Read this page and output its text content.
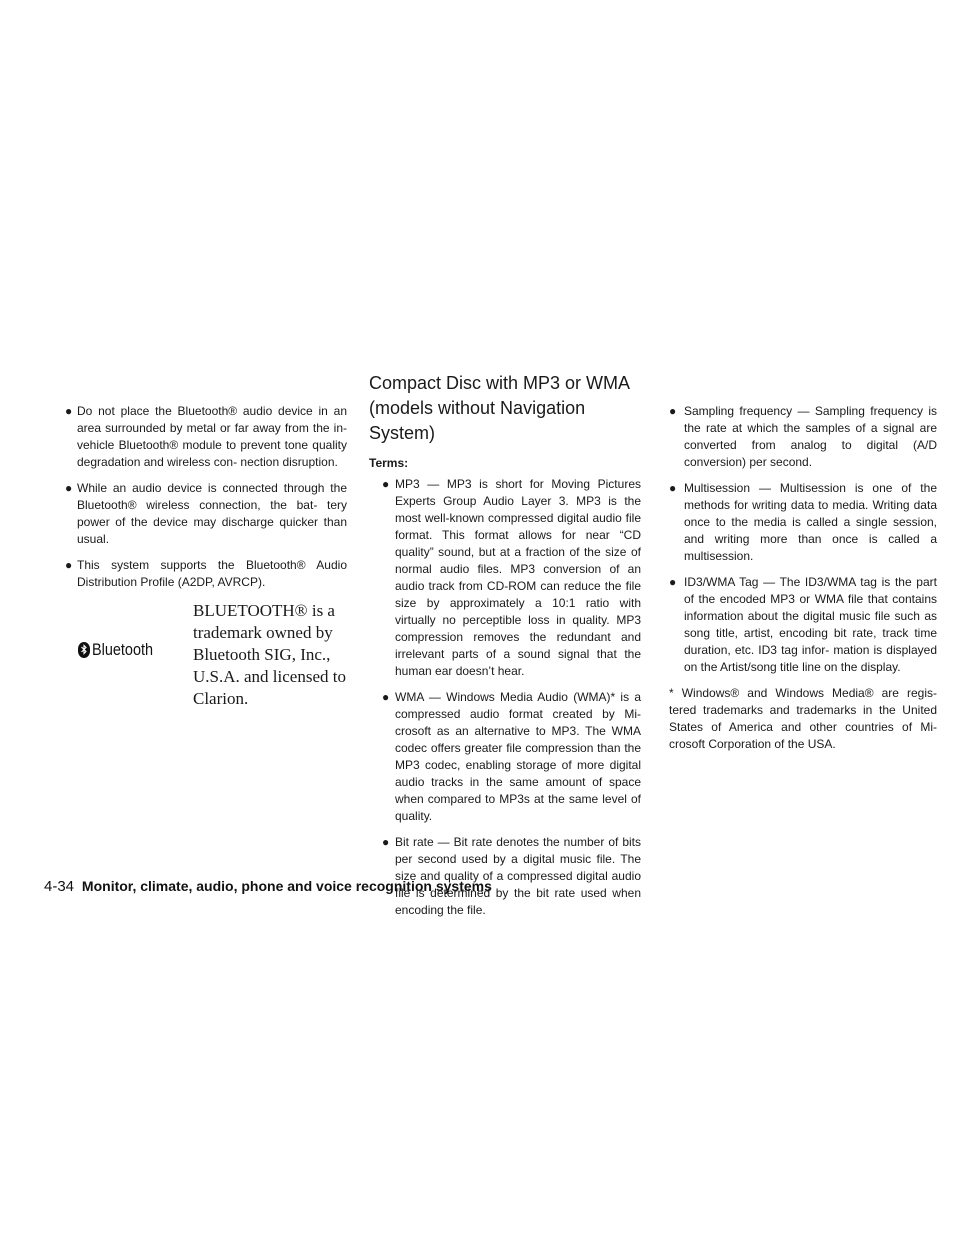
● Do not place the Bluetooth® audio device in an area surrounded by metal or far away from the in-vehicle Bluetooth® module to prevent tone quality degradation and wireless con- nection disruption.
● While an audio device is connected through the Bluetooth® wireless connection, the bat- tery power of the device may discharge quicker than usual.
● This system supports the Bluetooth® Audio Distribution Profile (A2DP, AVRCP).
Bluetooth
BLUETOOTH® is a trademark owned by Bluetooth SIG, Inc., U.S.A. and licensed to Clarion.
Compact Disc with MP3 or WMA (models without Navigation System)
Terms:
● MP3 — MP3 is short for Moving Pictures Experts Group Audio Layer 3. MP3 is the most well-known compressed digital audio file format. This format allows for near “CD quality” sound, but at a fraction of the size of normal audio files. MP3 conversion of an audio track from CD-ROM can reduce the file size by approximately a 10:1 ratio with virtually no perceptible loss in quality. MP3 compression removes the redundant and irrelevant parts of a sound signal that the human ear doesn’t hear.
● WMA — Windows Media Audio (WMA)* is a compressed audio format created by Mi- crosoft as an alternative to MP3. The WMA codec offers greater file compression than the MP3 codec, enabling storage of more digital audio tracks in the same amount of space when compared to MP3s at the same level of quality.
● Bit rate — Bit rate denotes the number of bits per second used by a digital music file. The size and quality of a compressed digital audio file is determined by the bit rate used when encoding the file.
● Sampling frequency — Sampling frequency is the rate at which the samples of a signal are converted from analog to digital (A/D conversion) per second.
● Multisession — Multisession is one of the methods for writing data to media. Writing data once to the media is called a single session, and writing more than once is called a multisession.
● ID3/WMA Tag — The ID3/WMA tag is the part of the encoded MP3 or WMA file that contains information about the digital music file such as song title, artist, encoding bit rate, track time duration, etc. ID3 tag infor- mation is displayed on the Artist/song title line on the display.

* Windows® and Windows Media® are regis- tered trademarks and trademarks in the United States of America and other countries of Mi- crosoft Corporation of the USA.

4-34 Monitor, climate, audio, phone and voice recognition systems
